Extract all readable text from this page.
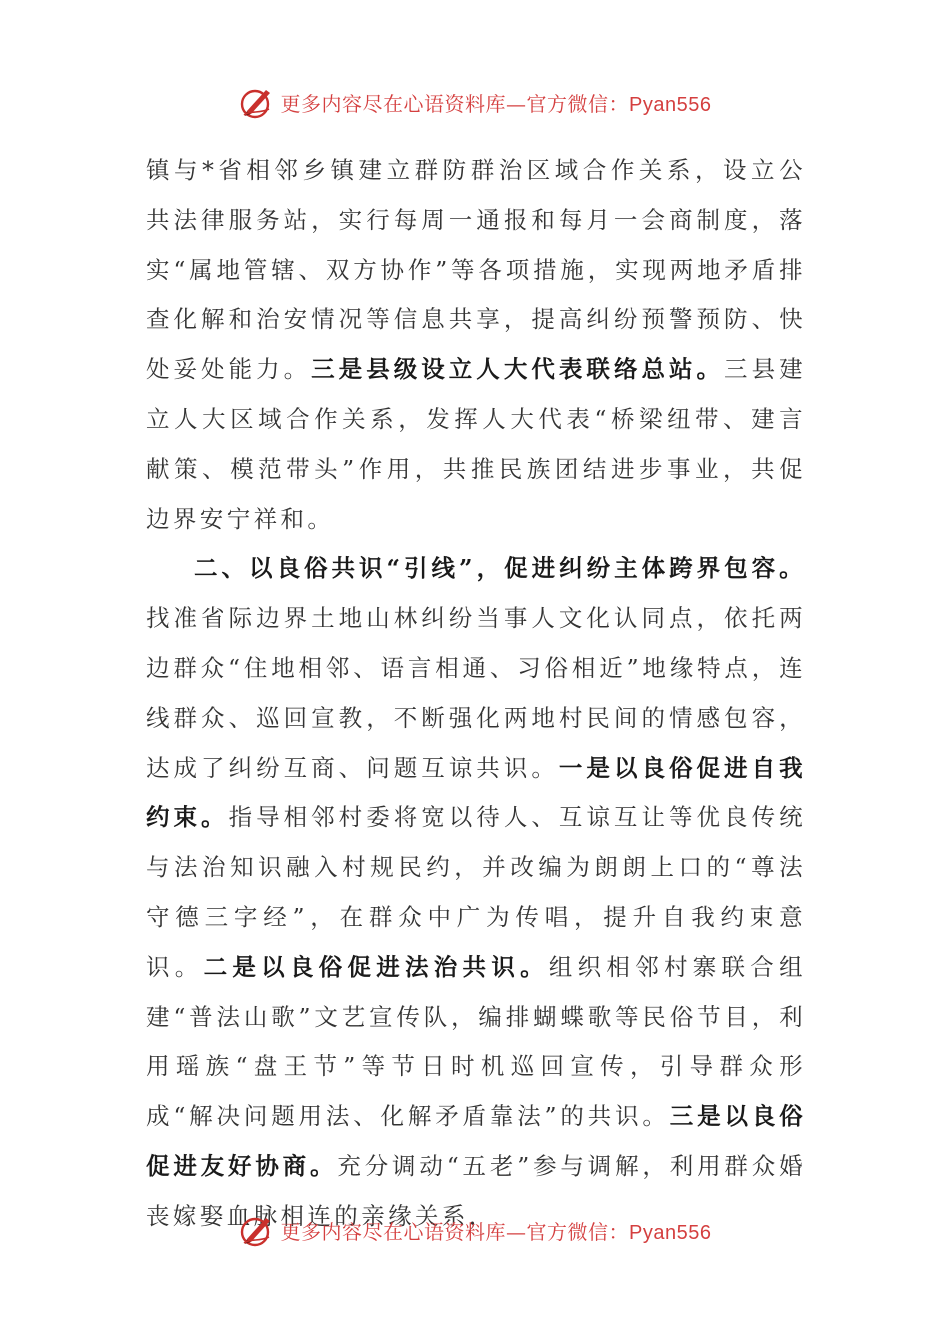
更多内容尽在心语资料库—官方微信：Pyan556

镇与*省相邻乡镇建立群防群治区域合作关系，设立公共法律服务站，实行每周一通报和每月一会商制度，落实“属地管辖、双方协作”等各项措施，实现两地矛盾排查化解和治安情况等信息共享，提高纠纷预警预防、快处妥处能力。三是县级设立人大代表联络总站。三县建立人大区域合作关系，发挥人大代表“桥梁纽带、建言献策、模范带头”作用，共推民族团结进步事业，共促边界安宁祥和。

二、以良俗共识“引线”，促进纠纷主体跨界包容。找准省际边界土地山林纠纷当事人文化认同点，依托两边群众“住地相邻、语言相通、习俗相近”地缘特点，连线群众、巡回宣教，不断强化两地村民间的情感包容，达成了纠纷互商、问题互谅共识。一是以良俗促进自我约束。指导相邻村委将宽以待人、互谅互让等优良传统与法治知识融入村规民约，并改编为朗朗上口的“尊法守德三字经”，在群众中广为传唱，提升自我约束意识。二是以良俗促进法治共识。组织相邻村寨联合组建“普法山歌”文艺宣传队，编排蝴蝶歌等民俗节目，利用瑶族“盘王节”等节日时机巡回宣传，引导群众形成“解决问题用法、化解矛盾靠法”的共识。三是以良俗促进友好协商。充分调动“五老”参与调解，利用群众婚丧嫁娶血脉相连的亲缘关系，

更多内容尽在心语资料库—官方微信：Pyan556
